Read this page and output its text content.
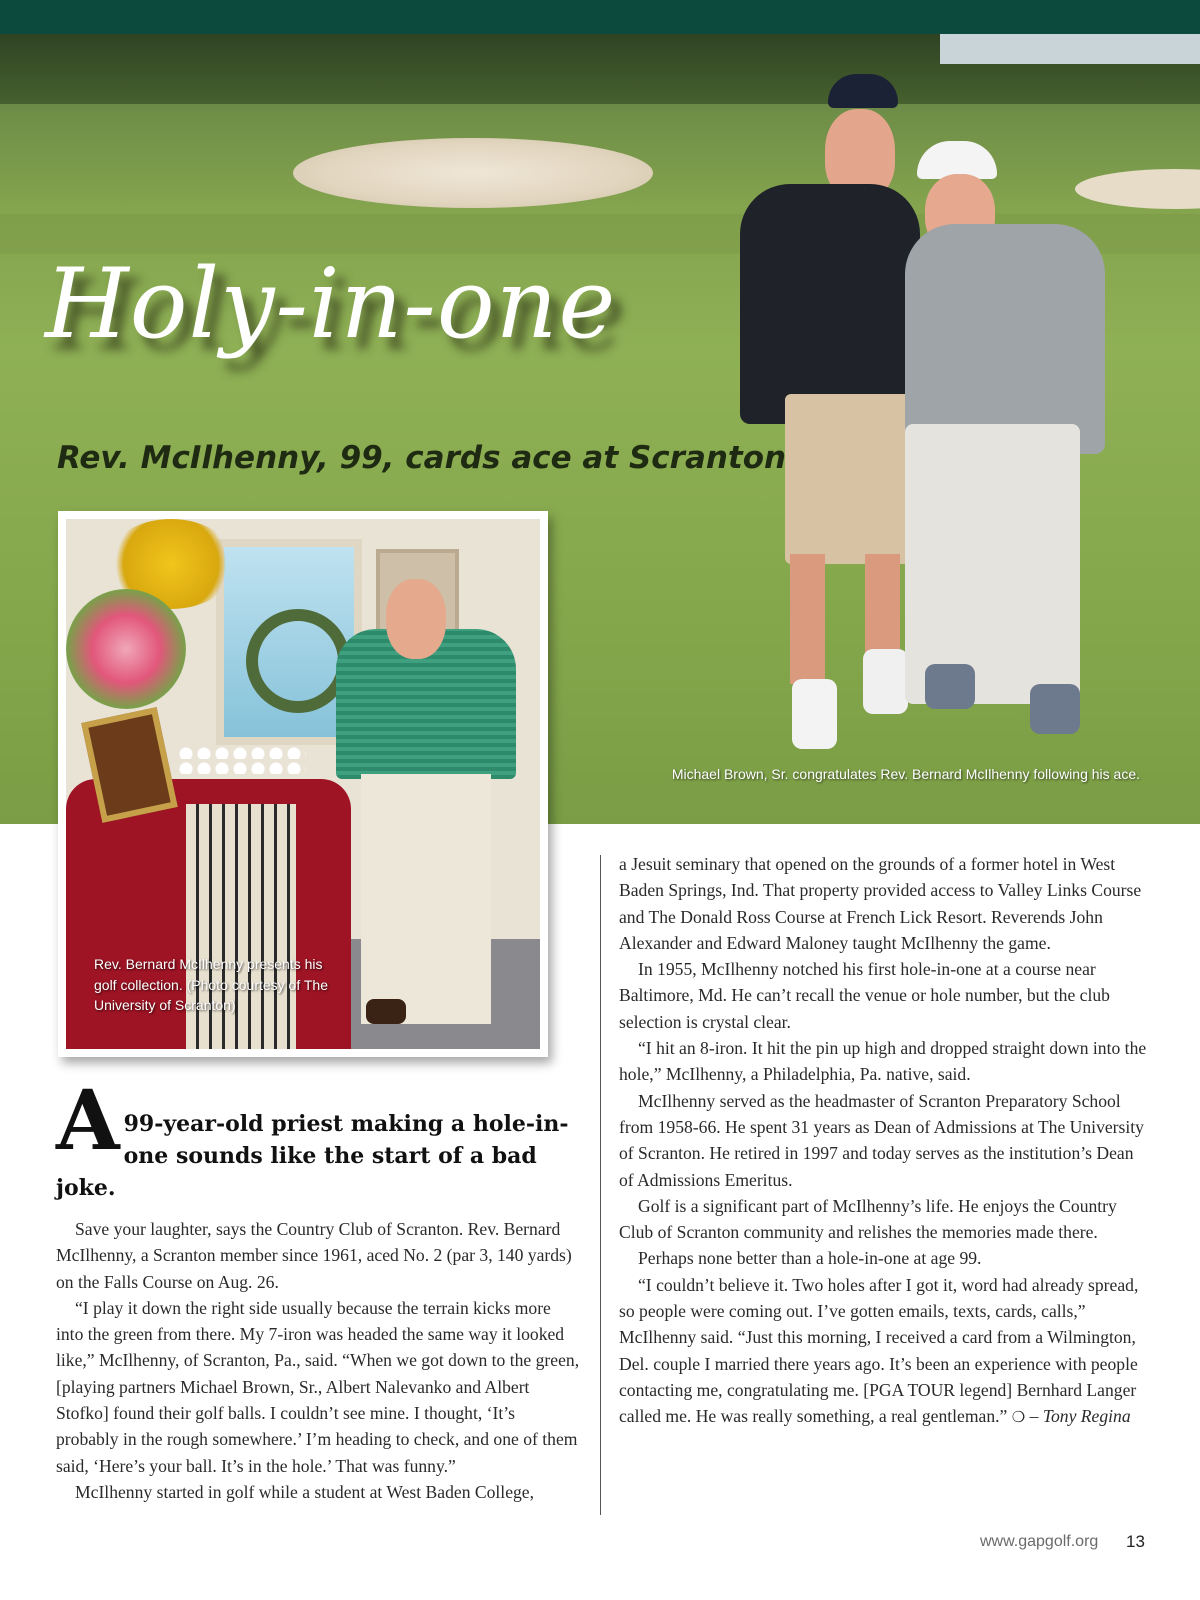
Holy-in-one
Rev. McIlhenny, 99, cards ace at Scranton
Michael Brown, Sr. congratulates Rev. Bernard McIlhenny following his ace.
Rev. Bernard McIlhenny presents his golf collection. (Photo courtesy of The University of Scranton)
A 99-year-old priest making a hole-in-one sounds like the start of a bad joke.

Save your laughter, says the Country Club of Scranton. Rev. Bernard McIlhenny, a Scranton member since 1961, aced No. 2 (par 3, 140 yards) on the Falls Course on Aug. 26.

“I play it down the right side usually because the terrain kicks more into the green from there. My 7-iron was headed the same way it looked like,” McIlhenny, of Scranton, Pa., said. “When we got down to the green, [playing partners Michael Brown, Sr., Albert Nalevanko and Albert Stofko] found their golf balls. I couldn’t see mine. I thought, ‘It’s probably in the rough somewhere.’ I’m heading to check, and one of them said, ‘Here’s your ball. It’s in the hole.’ That was funny.”

McIlhenny started in golf while a student at West Baden College,

a Jesuit seminary that opened on the grounds of a former hotel in West Baden Springs, Ind. That property provided access to Valley Links Course and The Donald Ross Course at French Lick Resort. Reverends John Alexander and Edward Maloney taught McIlhenny the game.

In 1955, McIlhenny notched his first hole-in-one at a course near Baltimore, Md. He can’t recall the venue or hole number, but the club selection is crystal clear.

“I hit an 8-iron. It hit the pin up high and dropped straight down into the hole,” McIlhenny, a Philadelphia, Pa. native, said.

McIlhenny served as the headmaster of Scranton Preparatory School from 1958-66. He spent 31 years as Dean of Admissions at The University of Scranton. He retired in 1997 and today serves as the institution’s Dean of Admissions Emeritus.

Golf is a significant part of McIlhenny’s life. He enjoys the Country Club of Scranton community and relishes the memories made there.

Perhaps none better than a hole-in-one at age 99.

“I couldn’t believe it. Two holes after I got it, word had already spread, so people were coming out. I’ve gotten emails, texts, cards, calls,” McIlhenny said. “Just this morning, I received a card from a Wilmington, Del. couple I married there years ago. It’s been an experience with people contacting me, congratulating me. [PGA TOUR legend] Bernhard Langer called me. He was really something, a real gentleman.” ❍ – Tony Regina

www.gapgolf.org 13
